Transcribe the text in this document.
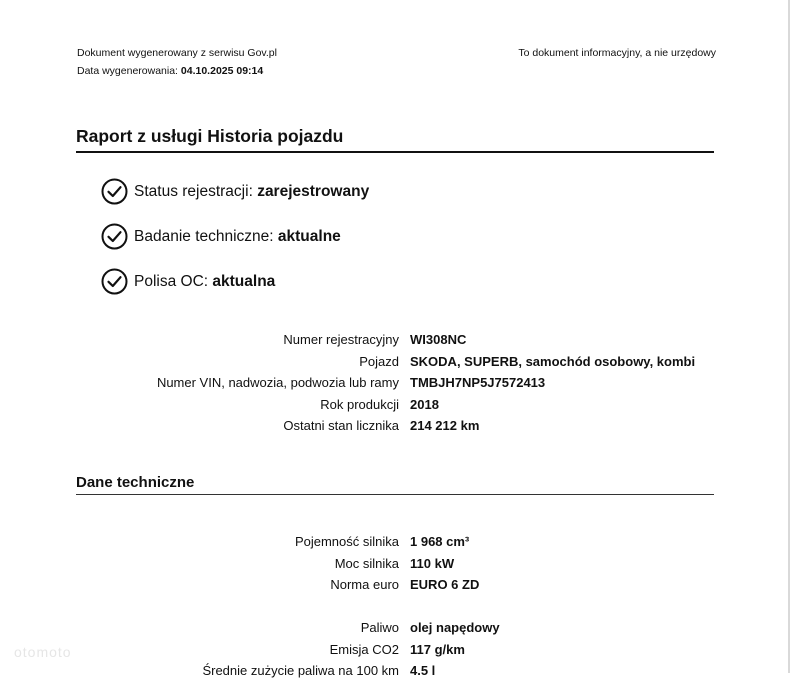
Dokument wygenerowany z serwisu Gov.pl
Data wygenerowania: 04.10.2025 09:14
To dokument informacyjny, a nie urzędowy
Raport z usługi Historia pojazdu
Status rejestracji: zarejestrowany
Badanie techniczne: aktualne
Polisa OC: aktualna
Numer rejestracyjny WI308NC
Pojazd SKODA, SUPERB, samochód osobowy, kombi
Numer VIN, nadwozia, podwozia lub ramy TMBJH7NP5J7572413
Rok produkcji 2018
Ostatni stan licznika 214 212 km
Dane techniczne
Pojemność silnika 1 968 cm³
Moc silnika 110 kW
Norma euro EURO 6 ZD
Paliwo olej napędowy
Emisja CO2 117 g/km
Średnie zużycie paliwa na 100 km 4.5 l
otomoto
